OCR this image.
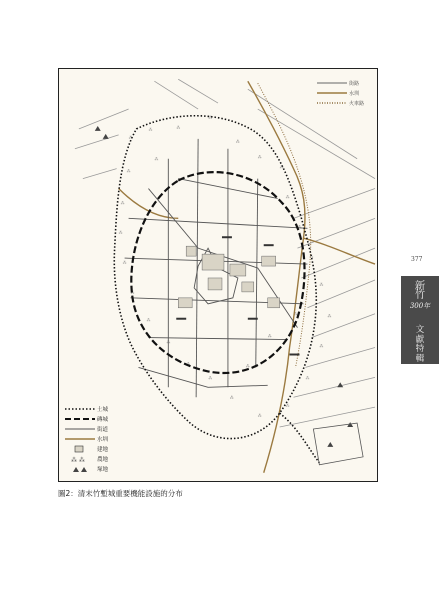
⁂
⁂	⁂
⁂
⁂
⁂
⁂
⁂
⁂
⁂
⁂
⁂
⁂
⁂
⁂
⁂
⁂
⁂
⁂
⁂
⁂
⁂
⁂
⁂
⁂
⁂
⁂
⁂
⁂
⁂
街路
水圳
火車路
土城
磚城
街道
水圳
建地
⁂ ⁂ 農地
塚地
圖2：清末竹塹城重要機能設施的分布
377
新
竹
300年
文
獻
特
輯
